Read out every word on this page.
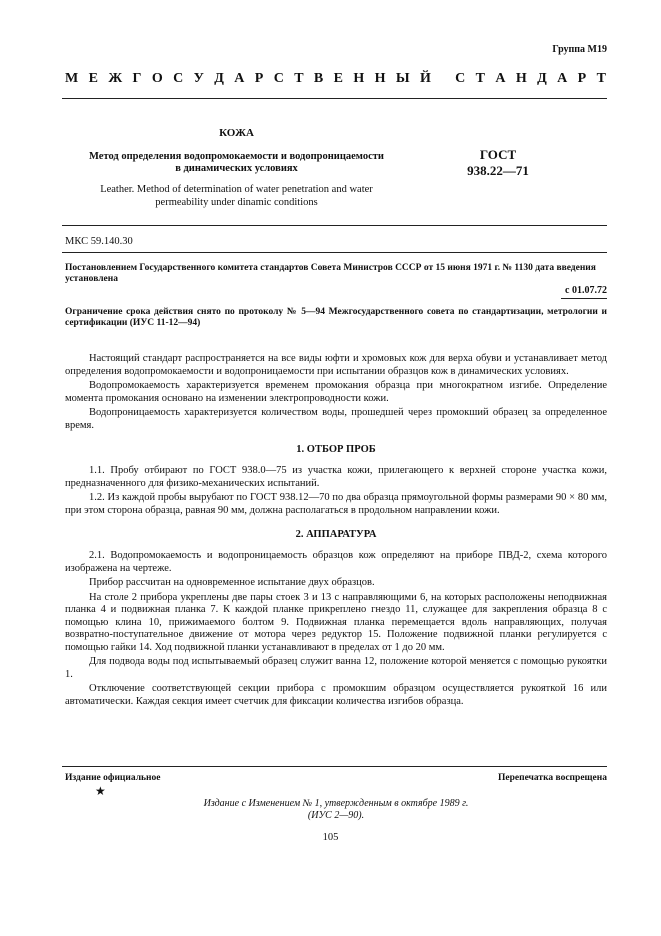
Группа М19
М Е Ж Г О С У Д А Р С Т В Е Н Н Ы Й
С Т А Н Д А Р Т
КОЖА
Метод определения водопромокаемости и водопроницаемости
в динамических условиях
Leather. Method of determination of water penetration and water
permeability under dinamic conditions
ГОСТ
938.22—71
МКС 59.140.30
Постановлением Государственного комитета стандартов Совета Министров СССР от 15 июня 1971 г. № 1130 дата введения установлена
с 01.07.72
Ограничение срока действия снято по протоколу № 5—94 Межгосударственного совета по стандартизации, метрологии и сертификации (ИУС 11-12—94)

Настоящий стандарт распространяется на все виды юфти и хромовых кож для верха обуви и устанавливает метод определения водопромокаемости и водопроницаемости при испытании образцов кож в динамических условиях.

Водопромокаемость характеризуется временем промокания образца при многократном изгибе. Определение момента промокания основано на изменении электропроводности кожи.

Водопроницаемость характеризуется количеством воды, прошедшей через промокший образец за определенное время.

1. ОТБОР ПРОБ

1.1. Пробу отбирают по ГОСТ 938.0—75 из участка кожи, прилегающего к верхней стороне участка кожи, предназначенного для физико-механических испытаний.

1.2. Из каждой пробы вырубают по ГОСТ 938.12—70 по два образца прямоугольной формы размерами 90 × 80 мм, при этом сторона образца, равная 90 мм, должна располагаться в продольном направлении кожи.

2. АППАРАТУРА

2.1. Водопромокаемость и водопроницаемость образцов кож определяют на приборе ПВД-2, схема которого изображена на чертеже.

Прибор рассчитан на одновременное испытание двух образцов.

На столе 2 прибора укреплены две пары стоек 3 и 13 с направляющими 6, на которых расположены неподвижная планка 4 и подвижная планка 7. К каждой планке прикреплено гнездо 11, служащее для закрепления образца 8 с помощью клина 10, прижимаемого болтом 9. Подвижная планка перемещается вдоль направляющих, получая возвратно-поступательное движение от мотора через редуктор 15. Положение подвижной планки регулируется с помощью гайки 14. Ход подвижной планки устанавливают в пределах от 1 до 20 мм.

Для подвода воды под испытываемый образец служит ванна 12, положение которой меняется с помощью рукоятки 1.

Отключение соответствующей секции прибора с промокшим образцом осуществляется рукояткой 16 или автоматически. Каждая секция имеет счетчик для фиксации количества изгибов образца.

Издание официальное	Перепечатка воспрещена
★
Издание с Изменением № 1, утвержденным в октябре 1989 г.
(ИУС 2—90).
105
